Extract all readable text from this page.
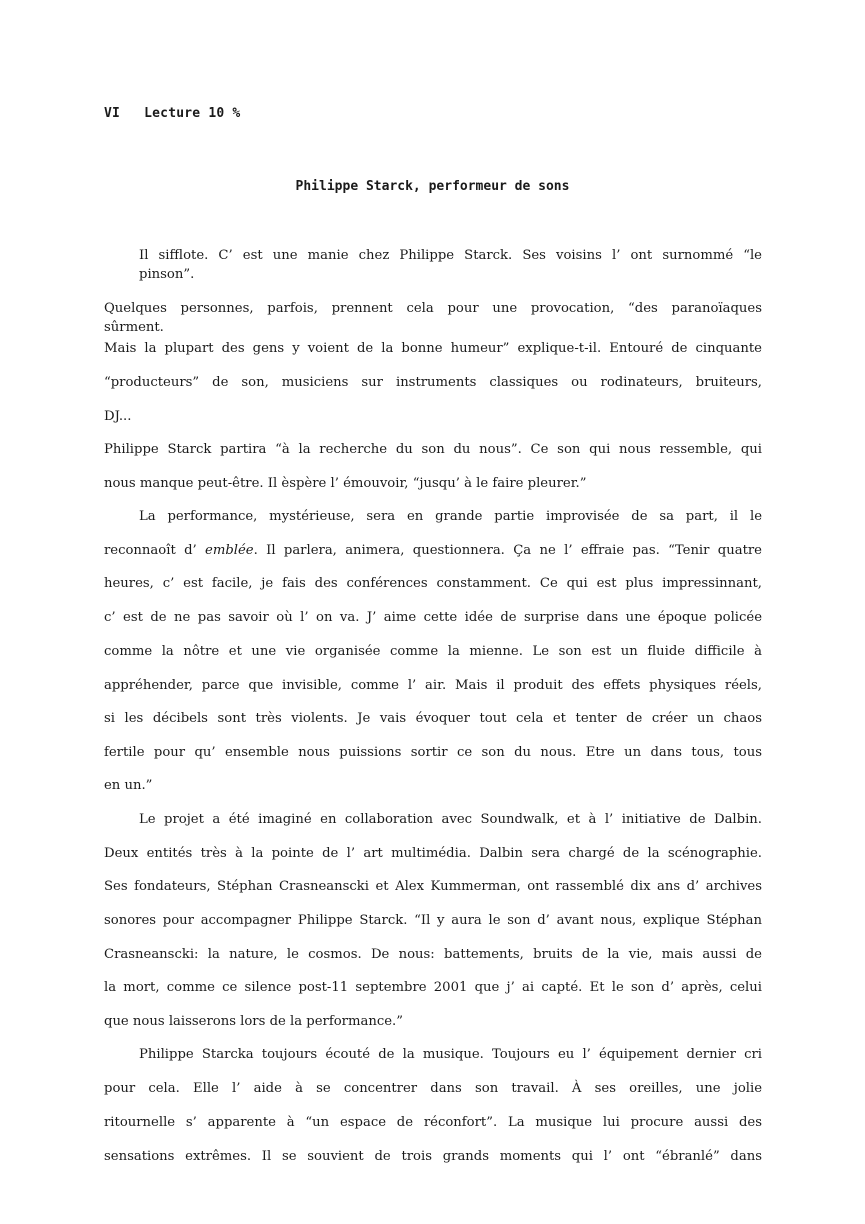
VI   Lecture 10 %
Philippe Starck, performeur de sons
Il sifflote. C’ est une manie chez Philippe Starck. Ses voisins l’ ont surnommé “le
pinson”.
Quelques personnes, parfois, prennent cela pour une provocation, “des paranoïaques
sûrment.
Mais la plupart des gens y voient de la bonne humeur” explique-t-il. Entouré de cinquante
“producteurs” de son, musiciens sur instruments classiques ou rodinateurs, bruiteurs,
DJ...
Philippe Starck partira “à la recherche du son du nous”. Ce son qui nous ressemble, qui
nous manque peut-être. Il èspère l’ émouvoir, “jusqu’ à le faire pleurer.”
La performance, mystérieuse, sera en grande partie improvisée de sa part, il le
reconnaoît d’ emblée. Il parlera, animera, questionnera. Ça ne l’ effraie pas. “Tenir quatre
heures, c’ est facile, je fais des conférences constamment. Ce qui est plus impressinnant,
c’ est de ne pas savoir où l’ on va. J’ aime cette idée de surprise dans une époque policée
comme la nôtre et une vie organisée comme la mienne. Le son est un fluide difficile à
appréhender, parce que invisible, comme l’ air. Mais il produit des effets physiques réels,
si les décibels sont très violents. Je vais évoquer tout cela et tenter de créer un chaos
fertile pour qu’ ensemble nous puissions sortir ce son du nous. Etre un dans tous, tous
en un.”
Le projet a été imaginé en collaboration avec Soundwalk, et à l’ initiative de Dalbin.
Deux entités très à la pointe de l’ art multimédia. Dalbin sera chargé de la scénographie.
Ses fondateurs, Stéphan Crasneanscki et Alex Kummerman, ont rassemblé dix ans d’ archives
sonores pour accompagner Philippe Starck. “Il y aura le son d’ avant nous, explique Stéphan
Crasneanscki: la nature, le cosmos. De nous: battements, bruits de la vie, mais aussi de
la mort, comme ce silence post-11 septembre 2001 que j’ ai capté. Et le son d’ après, celui
que nous laisserons lors de la performance.”
Philippe Starcka toujours écouté de la musique. Toujours eu l’ équipement dernier cri
pour cela. Elle l’ aide à se concentrer dans son travail. À ses oreilles, une jolie
ritournelle s’ apparente à “un espace de réconfort”. La musique lui procure aussi des
sensations extrêmes. Il se souvient de trois grands moments qui l’ ont “ébranlé” dans
